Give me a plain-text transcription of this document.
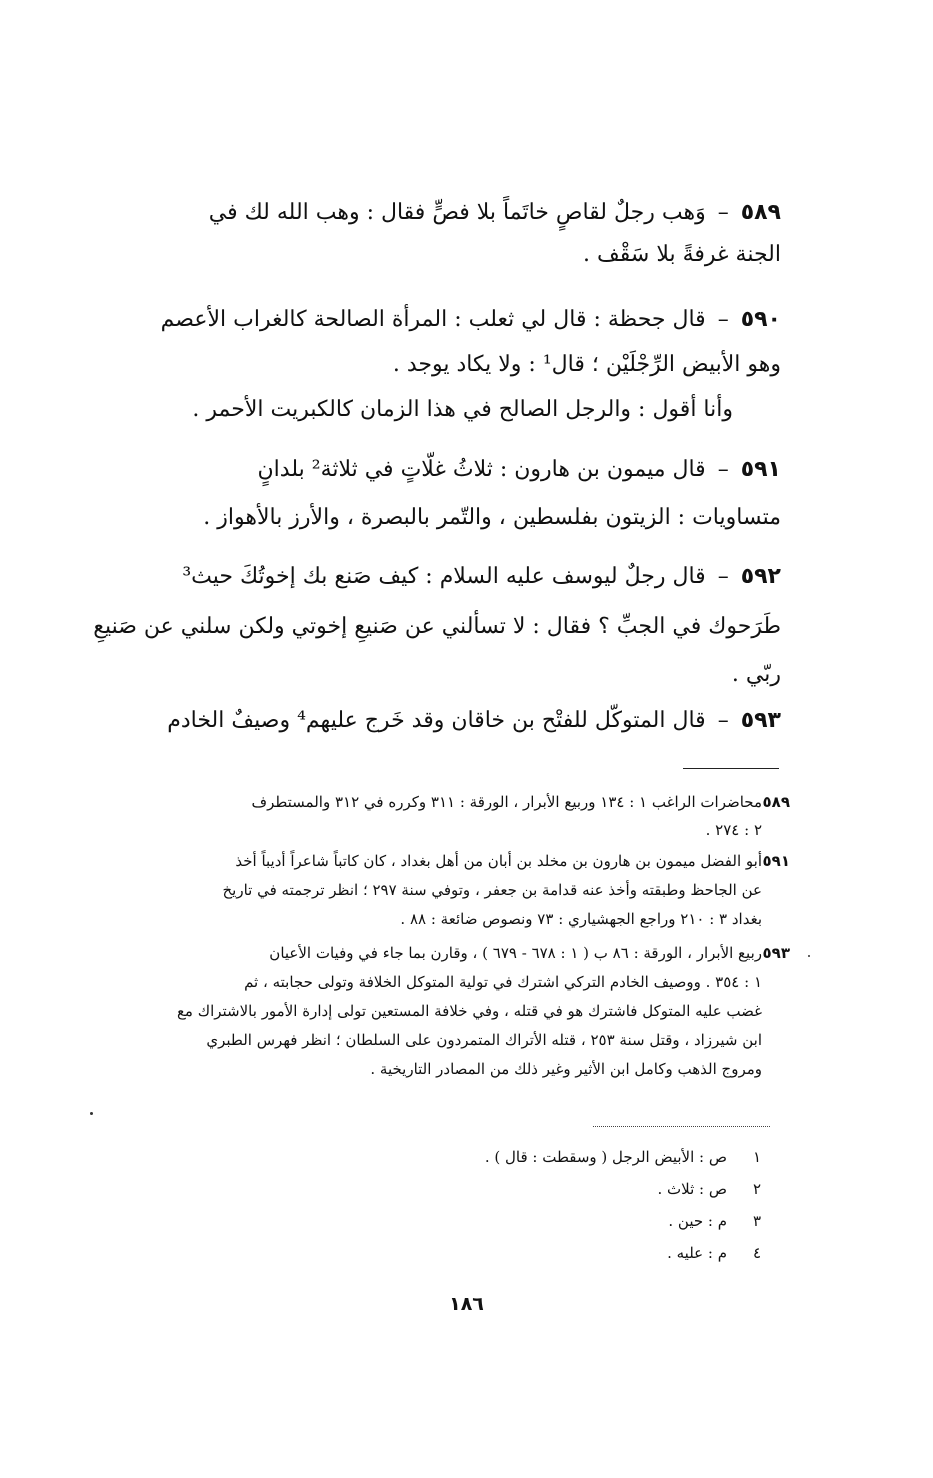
٥٨٩–وَهب رجلٌ لقاصٍ خاتَماً بلا فصٍّ فقال : وهب الله لك في
الجنة غرفةً بلا سَقْف .
٥٩٠–قال جحظة : قال لي ثعلب : المرأة الصالحة كالغراب الأعصم
وهو الأبيض الرِّجْلَيْن ؛ قال¹ : ولا يكاد يوجد .
وأنا أقول : والرجل الصالح في هذا الزمان كالكبريت الأحمر .
٥٩١–قال ميمون بن هارون : ثلاثُ غلّاتٍ في ثلاثة² بلدانٍ
متساويات : الزيتون بفلسطين ، والتّمر بالبصرة ، والأرز بالأهواز .
٥٩٢–قال رجلٌ ليوسف عليه السلام : كيف صَنع بك إخوتُكَ حيث³
طَرَحوك في الجبِّ ؟ فقال : لا تسألني عن صَنيعِ إخوتي ولكن سلني عن صَنيعِ
ربّي .
٥٩٣–قال المتوكّل للفتْح بن خاقان وقد خَرج عليهم⁴ وصيفٌ الخادم
٥٨٩
محاضرات الراغب ١ : ١٣٤ وربيع الأبرار ، الورقة : ٣١١ وكرره في ٣١٢ والمستطرف
٢ : ٢٧٤ .
٥٩١
أبو الفضل ميمون بن هارون بن مخلد بن أبان من أهل بغداد ، كان كاتباً شاعراً أديباً أخذ
عن الجاحظ وطبقته وأخذ عنه قدامة بن جعفر ، وتوفي سنة ٢٩٧ ؛ انظر ترجمته في تاريخ
بغداد ٣ : ٢١٠ وراجع الجهشياري : ٧٣ ونصوص ضائعة : ٨٨ .
٥٩٣
ربيع الأبرار ، الورقة : ٨٦ ب ( ١ : ٦٧٨ - ٦٧٩ ) ، وقارن بما جاء في وفيات الأعيان
١ : ٣٥٤ . ووصيف الخادم التركي اشترك في تولية المتوكل الخلافة وتولى حجابته ، ثم
غضب عليه المتوكل فاشترك هو في قتله ، وفي خلافة المستعين تولى إدارة الأمور بالاشتراك مع
ابن شيرزاد ، وقتل سنة ٢٥٣ ، قتله الأتراك المتمردون على السلطان ؛ انظر فهرس الطبري
ومروج الذهب وكامل ابن الأثير وغير ذلك من المصادر التاريخية .
١
ص : الأبيض الرجل ( وسقطت : قال ) .
٢
ص : ثلاث .
٣
م : حين .
٤
م : عليه .
١٨٦
